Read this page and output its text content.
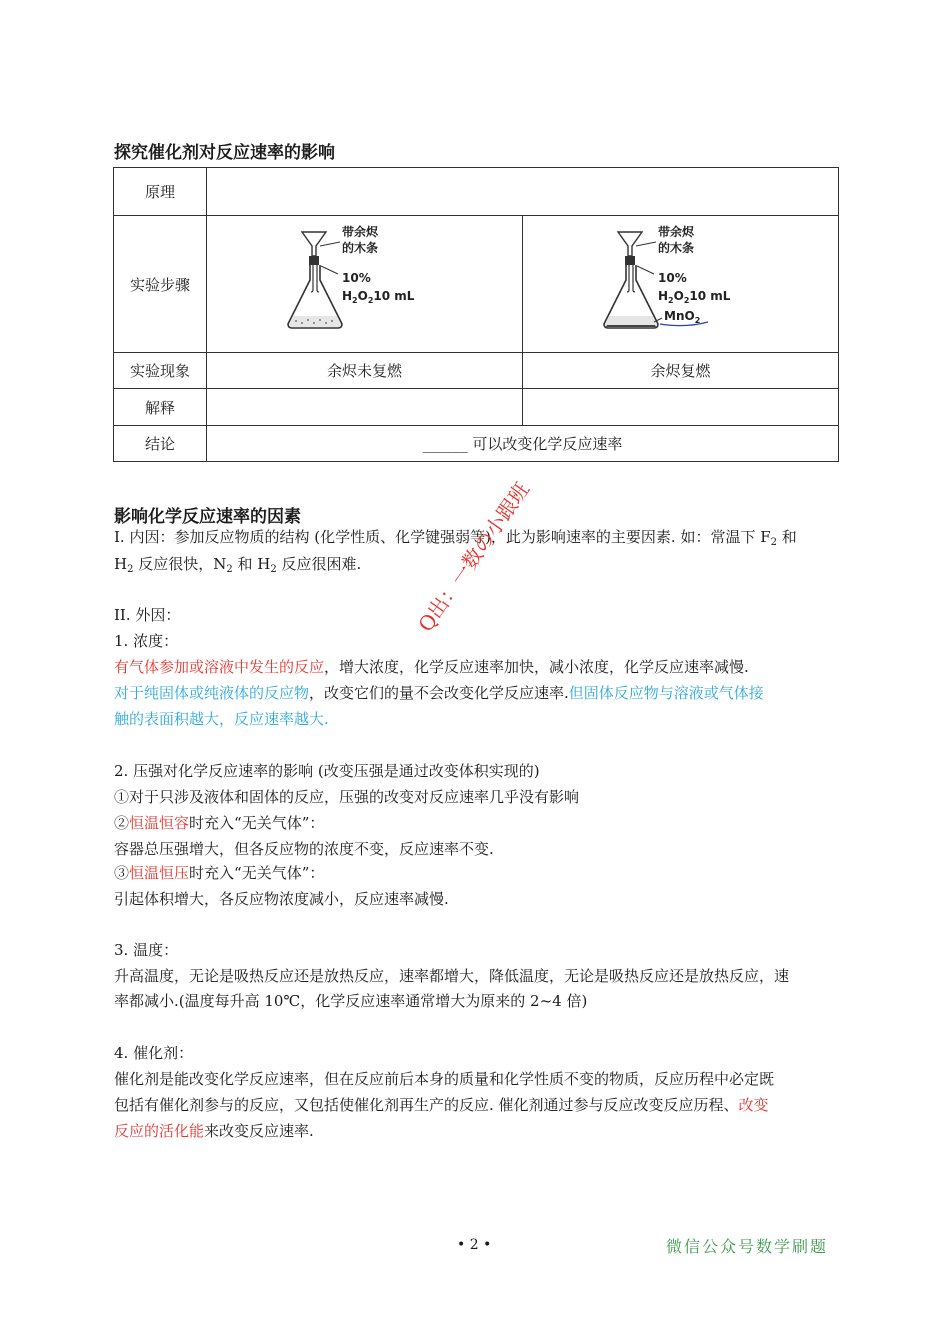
探究催化剂对反应速率的影响
原理		
实验步骤	带余烬
的木条
10%
$H_2O_210$ mL	带余烬
的木条
10%
$H_2O_210$ mL
MnO$_2$

实验现象	余烬未复燃	余烬复燃
解释		
结论	______ 可以改变化学反应速率	
影响化学反应速率的因素
I. 内因：参加反应物质的结构 (化学性质、化学键强弱等)，此为影响速率的主要因素. 如：常温下 $F_2$ 和
$H_2$ 反应很快，$N_2$ 和 $H_2$ 反应很困难.
II. 外因：
1. 浓度：
有气体参加或溶液中发生的反应，增大浓度，化学反应速率加快，减小浓度，化学反应速率减慢.
对于纯固体或纯液体的反应物，改变它们的量不会改变化学反应速率.但固体反应物与溶液或气体接
触的表面积越大，反应速率越大.
2. 压强对化学反应速率的影响 (改变压强是通过改变体积实现的)
①对于只涉及液体和固体的反应，压强的改变对反应速率几乎没有影响
②恒温恒容时充入“无关气体”：
容器总压强增大，但各反应物的浓度不变，反应速率不变.
③恒温恒压时充入“无关气体”：
引起体积增大，各反应物浓度减小，反应速率减慢.
3. 温度：
升高温度，无论是吸热反应还是放热反应，速率都增大，降低温度，无论是吸热反应还是放热反应，速
率都减小.(温度每升高 10℃，化学反应速率通常增大为原来的 2~4 倍)
4. 催化剂：
催化剂是能改变化学反应速率，但在反应前后本身的质量和化学性质不变的物质，反应历程中必定既
包括有催化剂参与的反应，又包括使催化剂再生产的反应. 催化剂通过参与反应改变反应历程、改变
反应的活化能来改变反应速率.
Q出：一数の小跟班
• 2 •	微信公众号数学刷题
